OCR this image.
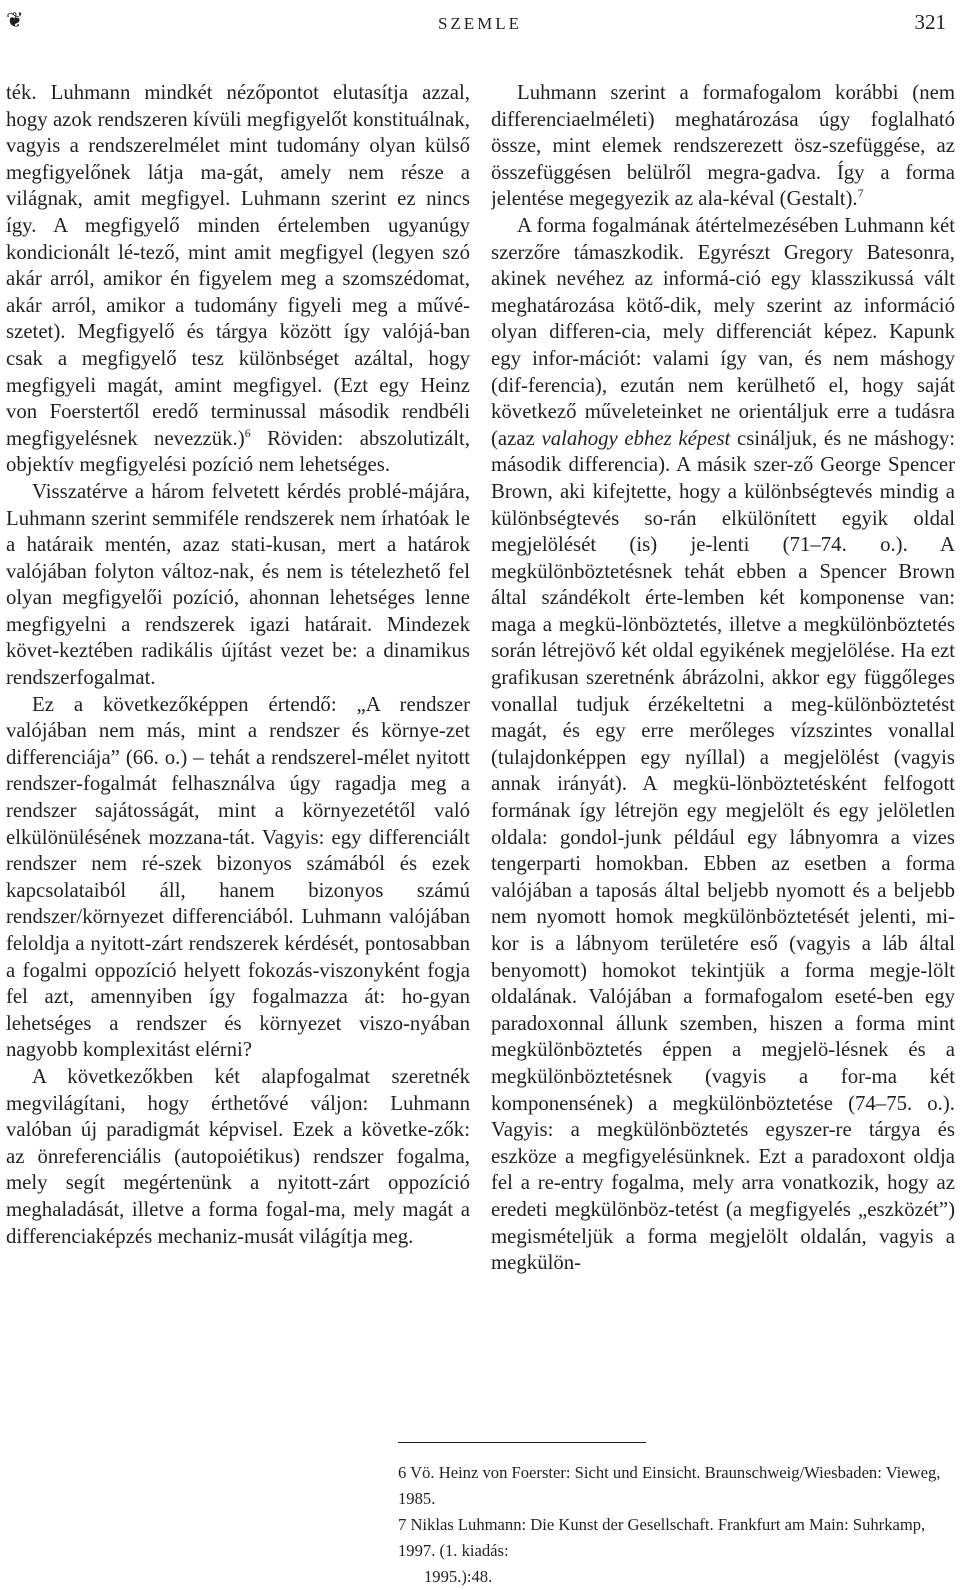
❦	SZEMLE	321

ték. Luhmann mindkét nézőpontot elutasítja azzal, hogy azok rendszeren kívüli megfigyelőt konstituálnak, vagyis a rendszerelmélet mint tudomány olyan külső megfigyelőnek látja ma-gát, amely nem része a világnak, amit megfigyel. Luhmann szerint ez nincs így. A megfigyelő minden értelemben ugyanúgy kondicionált lé-tező, mint amit megfigyel (legyen szó akár arról, amikor én figyelem meg a szomszédomat, akár arról, amikor a tudomány figyeli meg a művé-szetet). Megfigyelő és tárgya között így valójá-ban csak a megfigyelő tesz különbséget azáltal, hogy megfigyeli magát, amint megfigyel. (Ezt egy Heinz von Foerstertől eredő terminussal második rendbéli megfigyelésnek nevezzük.)$^6$ Röviden: abszolutizált, objektív megfigyelési pozíció nem lehetséges.

Visszatérve a három felvetett kérdés problé-májára, Luhmann szerint semmiféle rendszerek nem írhatóak le a határaik mentén, azaz stati-kusan, mert a határok valójában folyton változ-nak, és nem is tételezhető fel olyan megfigyelői pozíció, ahonnan lehetséges lenne megfigyelni a rendszerek igazi határait. Mindezek követ-keztében radikális újítást vezet be: a dinamikus rendszerfogalmat.

Ez a következőképpen értendő: „A rendszer valójában nem más, mint a rendszer és környe-zet differenciája” (66. o.) – tehát a rendszerel-mélet nyitott rendszer-fogalmát felhasználva úgy ragadja meg a rendszer sajátosságát, mint a környezetétől való elkülönülésének mozzana-tát. Vagyis: egy differenciált rendszer nem ré-szek bizonyos számából és ezek kapcsolataiból áll, hanem bizonyos számú rendszer/környezet differenciából. Luhmann valójában feloldja a nyitott-zárt rendszerek kérdését, pontosabban a fogalmi oppozíció helyett fokozás-viszonyként fogja fel azt, amennyiben így fogalmazza át: ho-gyan lehetséges a rendszer és környezet viszo-nyában nagyobb komplexitást elérni?

A következőkben két alapfogalmat szeretnék megvilágítani, hogy érthetővé váljon: Luhmann valóban új paradigmát képvisel. Ezek a követke-zők: az önreferenciális (autopoiétikus) rendszer fogalma, mely segít megértenünk a nyitott-zárt oppozíció meghaladását, illetve a forma fogal-ma, mely magát a differenciaképzés mechaniz-musát világítja meg.

Luhmann szerint a formafogalom korábbi (nem differenciaelméleti) meghatározása úgy foglalható össze, mint elemek rendszerezett ösz-szefüggése, az összefüggésen belülről megra-gadva. Így a forma jelentése megegyezik az ala-kéval (Gestalt).$^7$

A forma fogalmának átértelmezésében Luhmann két szerzőre támaszkodik. Egyrészt Gregory Batesonra, akinek nevéhez az informá-ció egy klasszikussá vált meghatározása kötő-dik, mely szerint az információ olyan differen-cia, mely differenciát képez. Kapunk egy infor-mációt: valami így van, és nem máshogy (dif-ferencia), ezután nem kerülhető el, hogy saját következő műveleteinket ne orientáljuk erre a tudásra (azaz valahogy ebhez képest csináljuk, és ne máshogy: második differencia). A másik szer-ző George Spencer Brown, aki kifejtette, hogy a különbségtevés mindig a különbségtevés so-rán elkülönített egyik oldal megjelölését (is) je-lenti (71–74. o.). A megkülönböztetésnek tehát ebben a Spencer Brown által szándékolt érte-lemben két komponense van: maga a megkü-lönböztetés, illetve a megkülönböztetés során létrejövő két oldal egyikének megjelölése. Ha ezt grafikusan szeretnénk ábrázolni, akkor egy függőleges vonallal tudjuk érzékeltetni a meg-különböztetést magát, és egy erre merőleges vízszintes vonallal (tulajdonképpen egy nyíllal) a megjelölést (vagyis annak irányát). A megkü-lönböztetésként felfogott formának így létrejön egy megjelölt és egy jelöletlen oldala: gondol-junk például egy lábnyomra a vizes tengerparti homokban. Ebben az esetben a forma valójában a taposás által beljebb nyomott és a beljebb nem nyomott homok megkülönböztetését jelenti, mi-kor is a lábnyom területére eső (vagyis a láb által benyomott) homokot tekintjük a forma megje-lölt oldalának. Valójában a formafogalom eseté-ben egy paradoxonnal állunk szemben, hiszen a forma mint megkülönböztetés éppen a megjelö-lésnek és a megkülönböztetésnek (vagyis a for-ma két komponensének) a megkülönböztetése (74–75. o.). Vagyis: a megkülönböztetés egyszer-re tárgya és eszköze a megfigyelésünknek. Ezt a paradoxont oldja fel a re-entry fogalma, mely arra vonatkozik, hogy az eredeti megkülönböz-tetést (a megfigyelés „eszközét”) megismételjük a forma megjelölt oldalán, vagyis a megkülön-

6 Vö. Heinz von Foerster: Sicht und Einsicht. Braunschweig/Wiesbaden: Vieweg, 1985.

7 Niklas Luhmann: Die Kunst der Gesellschaft. Frankfurt am Main: Suhrkamp, 1997. (1. kiadás:
1995.):48.
